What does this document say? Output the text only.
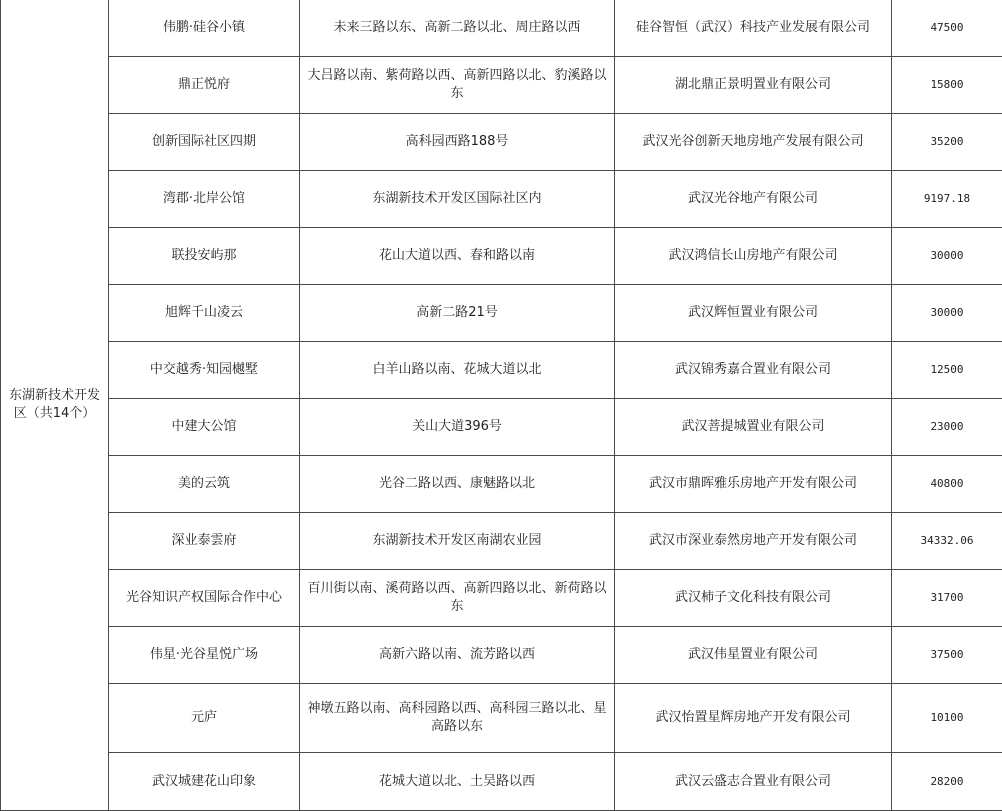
东湖新技术开发区（共14个）	伟鹏·硅谷小镇	未来三路以东、高新二路以北、周庄路以西	硅谷智恒（武汉）科技产业发展有限公司	47500
	鼎正悦府	大吕路以南、紫荷路以西、高新四路以北、豹溪路以东	湖北鼎正景明置业有限公司	15800
	创新国际社区四期	高科园西路188号	武汉光谷创新天地房地产发展有限公司	35200
	湾郡·北岸公馆	东湖新技术开发区国际社区内	武汉光谷地产有限公司	9197.18
	联投安屿那	花山大道以西、春和路以南	武汉鸿信长山房地产有限公司	30000
	旭辉千山凌云	高新二路21号	武汉辉恒置业有限公司	30000
	中交越秀·知园樾墅	白羊山路以南、花城大道以北	武汉锦秀嘉合置业有限公司	12500
	中建大公馆	关山大道396号	武汉菩提城置业有限公司	23000
	美的云筑	光谷二路以西、康魅路以北	武汉市鼎晖雅乐房地产开发有限公司	40800
	深业泰雲府	东湖新技术开发区南湖农业园	武汉市深业泰然房地产开发有限公司	34332.06
	光谷知识产权国际合作中心	百川街以南、溪荷路以西、高新四路以北、新荷路以东	武汉柿子文化科技有限公司	31700
	伟星·光谷星悦广场	高新六路以南、流芳路以西	武汉伟星置业有限公司	37500
	元庐	神墩五路以南、高科园路以西、高科园三路以北、星高路以东	武汉怡置星辉房地产开发有限公司	10100
	武汉城建花山印象	花城大道以北、土吴路以西	武汉云盛志合置业有限公司	28200
